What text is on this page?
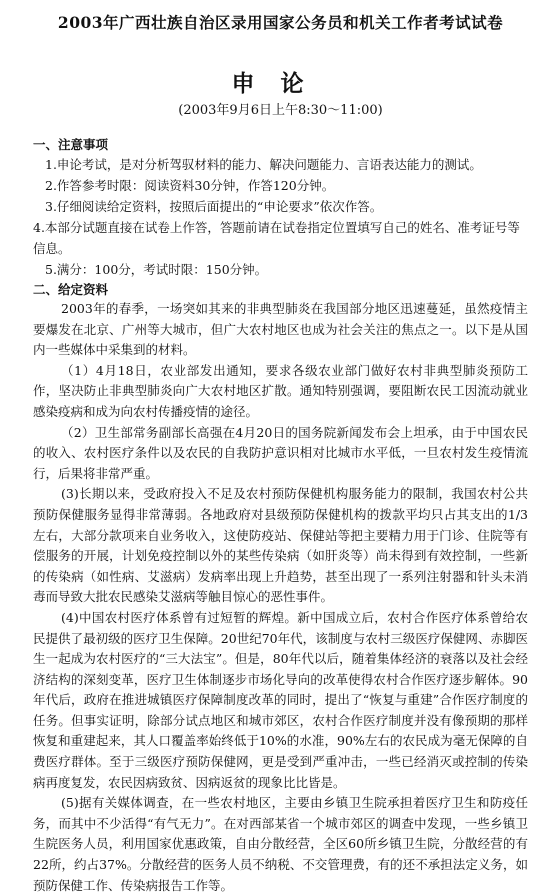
2003年广西壮族自治区录用国家公务员和机关工作者考试试卷
申论
(2003年9月6日上午8:30～11:00)
一、注意事项

1.申论考试，是对分析驾驭材料的能力、解决问题能力、言语表达能力的测试。

2.作答参考时限：阅读资料30分钟，作答120分钟。

3.仔细阅读给定资料，按照后面提出的“申论要求”依次作答。

4.本部分试题直接在试卷上作答，答题前请在试卷指定位置填写自己的姓名、准考证号等信息。

5.满分：100分，考试时限：150分钟。

二、给定资料

2003年的春季，一场突如其来的非典型肺炎在我国部分地区迅速蔓延，虽然疫情主要爆发在北京、广州等大城市，但广大农村地区也成为社会关注的焦点之一。以下是从国内一些媒体中采集到的材料。

（1）4月18日，农业部发出通知，要求各级农业部门做好农村非典型肺炎预防工作，坚决防止非典型肺炎向广大农村地区扩散。通知特别强调，要阻断农民工因流动就业感染疫病和成为向农村传播疫情的途径。

（2）卫生部常务副部长高强在4月20日的国务院新闻发布会上坦承，由于中国农民的收入、农村医疗条件以及农民的自我防护意识相对比城市水平低，一旦农村发生疫情流行，后果将非常严重。

(3)长期以来，受政府投入不足及农村预防保健机构服务能力的限制，我国农村公共预防保健服务显得非常薄弱。各地政府对县级预防保健机构的拨款平均只占其支出的1/3左右，大部分款项来自业务收入，这使防疫站、保健站等把主要精力用于门诊、住院等有偿服务的开展，计划免疫控制以外的某些传染病（如肝炎等）尚未得到有效控制，一些新的传染病（如性病、艾滋病）发病率出现上升趋势，甚至出现了一系列注射器和针头未消毒而导致大批农民感染艾滋病等触目惊心的恶性事件。

(4)中国农村医疗体系曾有过短暂的辉煌。新中国成立后，农村合作医疗体系曾给农民提供了最初级的医疗卫生保障。20世纪70年代，该制度与农村三级医疗保健网、赤脚医生一起成为农村医疗的“三大法宝”。但是，80年代以后，随着集体经济的衰落以及社会经济结构的深刻变革，医疗卫生体制逐步市场化导向的改革使得农村合作医疗逐步解体。90年代后，政府在推进城镇医疗保障制度改革的同时，提出了“恢复与重建”合作医疗制度的任务。但事实证明，除部分试点地区和城市郊区，农村合作医疗制度并没有像预期的那样恢复和重建起来，其人口覆盖率始终低于10%的水准，90%左右的农民成为毫无保障的自费医疗群体。至于三级医疗预防保健网，更是受到严重冲击，一些已经消灭或控制的传染病再度复发，农民因病致贫、因病返贫的现象比比皆是。

(5)据有关媒体调查，在一些农村地区，主要由乡镇卫生院承担着医疗卫生和防疫任务，而其中不少活得“有气无力”。在对西部某省一个城市郊区的调查中发现，一些乡镇卫生院医务人员，利用国家优惠政策，自由分散经营，全区60所乡镇卫生院，分散经营的有22所，约占37%。分散经营的医务人员不纳税、不交管理费，有的还不承担法定义务，如预防保健工作、传染病报告工作等。
